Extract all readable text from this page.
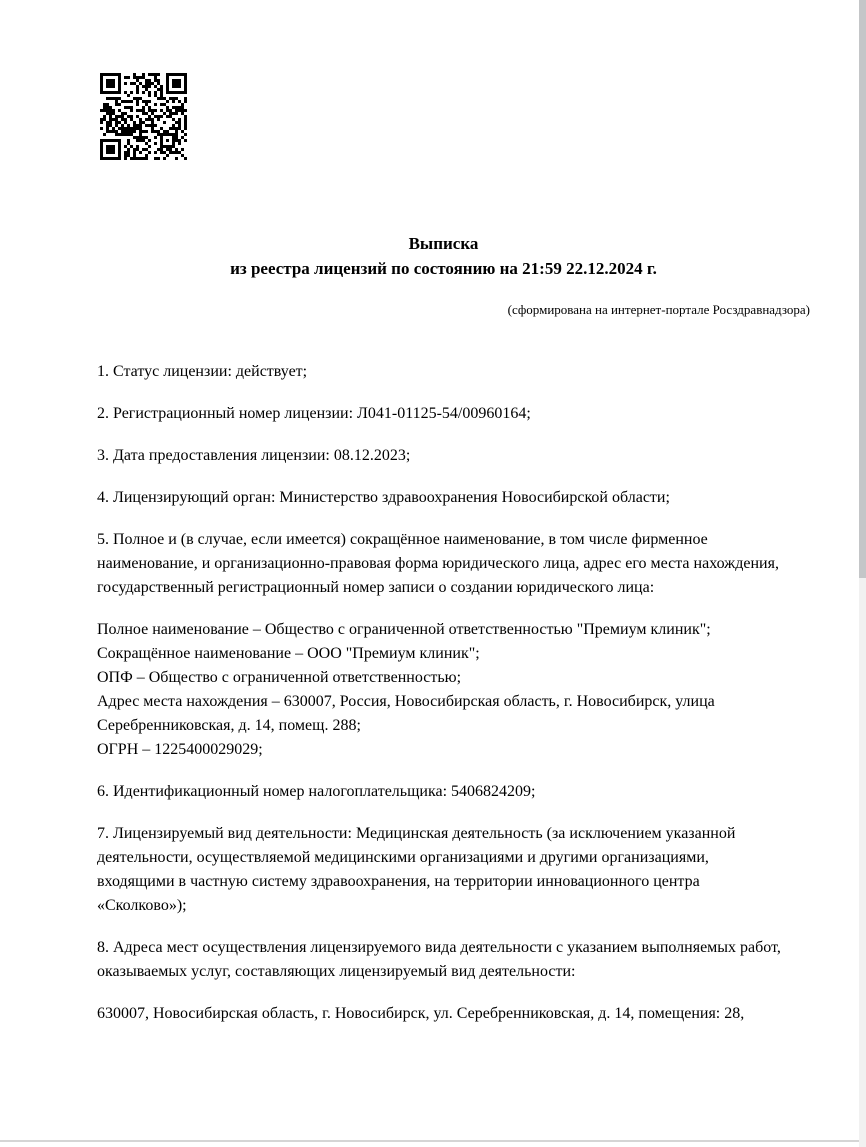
Выписка
из реестра лицензий по состоянию на 21:59 22.12.2024 г.
(сформирована на интернет-портале Росздравнадзора)

1. Статус лицензии: действует;

2. Регистрационный номер лицензии: Л041-01125-54/00960164;

3. Дата предоставления лицензии: 08.12.2023;

4. Лицензирующий орган: Министерство здравоохранения Новосибирской области;

5. Полное и (в случае, если имеется) сокращённое наименование, в том числе фирменное наименование, и организационно-правовая форма юридического лица, адрес его места нахождения, государственный регистрационный номер записи о создании юридического лица:

Полное наименование – Общество с ограниченной ответственностью "Премиум клиник";
Сокращённое наименование – ООО "Премиум клиник";
ОПФ – Общество с ограниченной ответственностью;
Адрес места нахождения – 630007, Россия, Новосибирская область, г. Новосибирск, улица Серебренниковская, д. 14, помещ. 288;
ОГРН – 1225400029029;

6. Идентификационный номер налогоплательщика: 5406824209;

7. Лицензируемый вид деятельности: Медицинская деятельность (за исключением указанной деятельности, осуществляемой медицинскими организациями и другими организациями, входящими в частную систему здравоохранения, на территории инновационного центра «Сколково»);

8. Адреса мест осуществления лицензируемого вида деятельности с указанием выполняемых работ, оказываемых услуг, составляющих лицензируемый вид деятельности:

630007, Новосибирская область, г. Новосибирск, ул. Серебренниковская, д. 14, помещения: 28,
